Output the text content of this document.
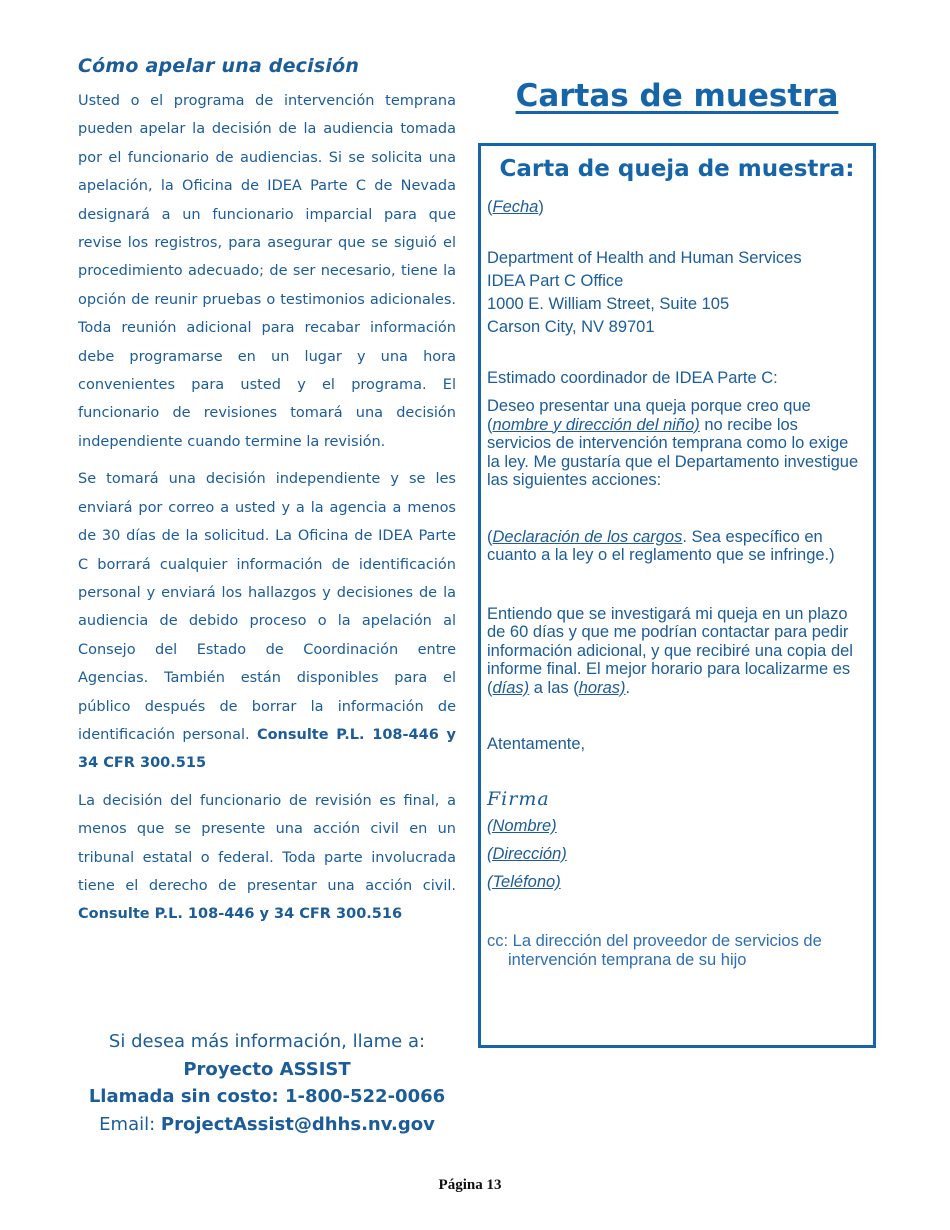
Cómo apelar una decisión

Usted o el programa de intervención temprana pueden apelar la decisión de la audiencia tomada por el funcionario de audiencias. Si se solicita una apelación, la Oficina de IDEA Parte C de Nevada designará a un funcionario imparcial para que revise los registros, para asegurar que se siguió el procedimiento adecuado; de ser necesario, tiene la opción de reunir pruebas o testimonios adicionales. Toda reunión adicional para recabar información debe programarse en un lugar y una hora convenientes para usted y el programa. El funcionario de revisiones tomará una decisión independiente cuando termine la revisión.

Se tomará una decisión independiente y se les enviará por correo a usted y a la agencia a menos de 30 días de la solicitud. La Oficina de IDEA Parte C borrará cualquier información de identificación personal y enviará los hallazgos y decisiones de la audiencia de debido proceso o la apelación al Consejo del Estado de Coordinación entre Agencias. También están disponibles para el público después de borrar la información de identificación personal. Consulte P.L. 108-446 y 34 CFR 300.515

La decisión del funcionario de revisión es final, a menos que se presente una acción civil en un tribunal estatal o federal. Toda parte involucrada tiene el derecho de presentar una acción civil. Consulte P.L. 108-446 y 34 CFR 300.516

Si desea más información, llame a:
Proyecto ASSIST
Llamada sin costo: 1-800-522-0066
Email: ProjectAssist@dhhs.nv.gov
Cartas de muestra
Carta de queja de muestra:
(Fecha)
Department of Health and Human Services
IDEA Part C Office
1000 E. William Street, Suite 105
Carson City, NV 89701
Estimado coordinador de IDEA Parte C:
Deseo presentar una queja porque creo que (nombre y dirección del niño) no recibe los servicios de intervención temprana como lo exige la ley. Me gustaría que el Departamento investigue las siguientes acciones:
(Declaración de los cargos. Sea específico en cuanto a la ley o el reglamento que se infringe.)
Entiendo que se investigará mi queja en un plazo de 60 días y que me podrían contactar para pedir información adicional, y que recibiré una copia del informe final. El mejor horario para localizarme es (días) a las (horas).
Atentamente,
Firma
(Nombre)
(Dirección)
(Teléfono)
cc: La dirección del proveedor de servicios de
intervención temprana de su hijo
Página 13
